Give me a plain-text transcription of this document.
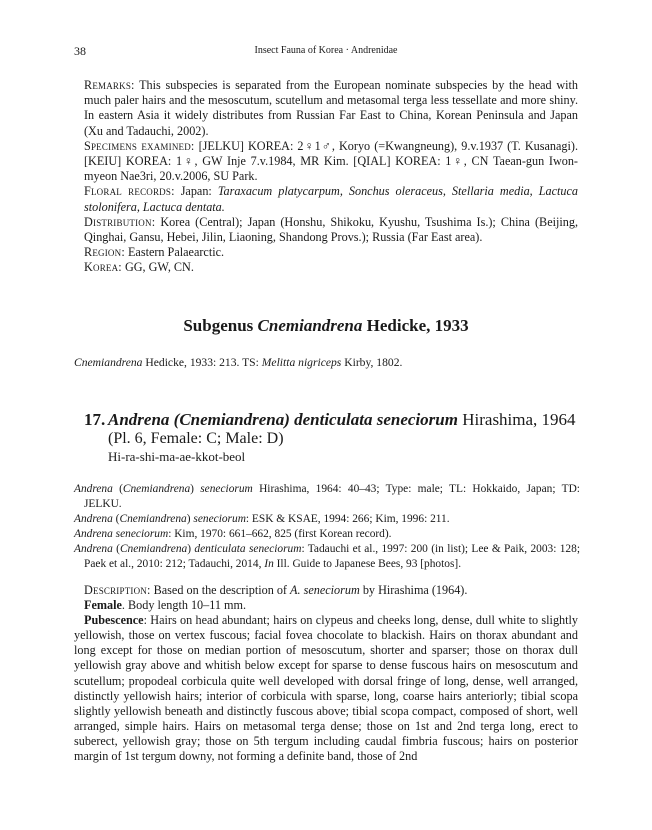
38	Insect Fauna of Korea · Andrenidae

Remarks: This subspecies is separated from the European nominate subspecies by the head with much paler hairs and the mesoscutum, scutellum and metasomal terga less tessellate and more shiny. In eastern Asia it widely distributes from Russian Far East to China, Korean Peninsula and Japan (Xu and Tadauchi, 2002).

Specimens examined: [JELKU] KOREA: 2♀1♂, Koryo (=Kwangneung), 9.v.1937 (T. Kusanagi). [KEIU] KOREA: 1♀, GW Inje 7.v.1984, MR Kim. [QIAL] KOREA: 1♀, CN Taean-gun Iwon-myeon Nae3ri, 20.v.2006, SU Park.

Floral records: Japan: Taraxacum platycarpum, Sonchus oleraceus, Stellaria media, Lactuca stolonifera, Lactuca dentata.

Distribution: Korea (Central); Japan (Honshu, Shikoku, Kyushu, Tsushima Is.); China (Beijing, Qinghai, Gansu, Hebei, Jilin, Liaoning, Shandong Provs.); Russia (Far East area).

Region: Eastern Palaearctic.

Korea: GG, GW, CN.

Subgenus Cnemiandrena Hedicke, 1933
Cnemiandrena Hedicke, 1933: 213. TS: Melitta nigriceps Kirby, 1802.
17. Andrena (Cnemiandrena) denticulata seneciorum Hirashima, 1964
(Pl. 6, Female: C; Male: D)
Hi-ra-shi-ma-ae-kkot-beol

Andrena (Cnemiandrena) seneciorum Hirashima, 1964: 40–43; Type: male; TL: Hokkaido, Japan; TD: JELKU.

Andrena (Cnemiandrena) seneciorum: ESK & KSAE, 1994: 266; Kim, 1996: 211.

Andrena seneciorum: Kim, 1970: 661–662, 825 (first Korean record).

Andrena (Cnemiandrena) denticulata seneciorum: Tadauchi et al., 1997: 200 (in list); Lee & Paik, 2003: 128; Paek et al., 2010: 212; Tadauchi, 2014, In Ill. Guide to Japanese Bees, 93 [photos].

Description: Based on the description of A. seneciorum by Hirashima (1964).

Female. Body length 10–11 mm.

Pubescence: Hairs on head abundant; hairs on clypeus and cheeks long, dense, dull white to slightly yellowish, those on vertex fuscous; facial fovea chocolate to blackish. Hairs on thorax abundant and long except for those on median portion of mesoscutum, shorter and sparser; those on thorax dull yellowish gray above and whitish below except for sparse to dense fuscous hairs on mesoscutum and scutellum; propodeal corbicula quite well developed with dorsal fringe of long, dense, well arranged, distinctly yellowish hairs; interior of corbicula with sparse, long, coarse hairs anteriorly; tibial scopa slightly yellowish beneath and distinctly fuscous above; tibial scopa compact, composed of short, well arranged, simple hairs. Hairs on metasomal terga dense; those on 1st and 2nd terga long, erect to suberect, yellowish gray; those on 5th tergum including caudal fimbria fuscous; hairs on posterior margin of 1st tergum downy, not forming a definite band, those of 2nd
